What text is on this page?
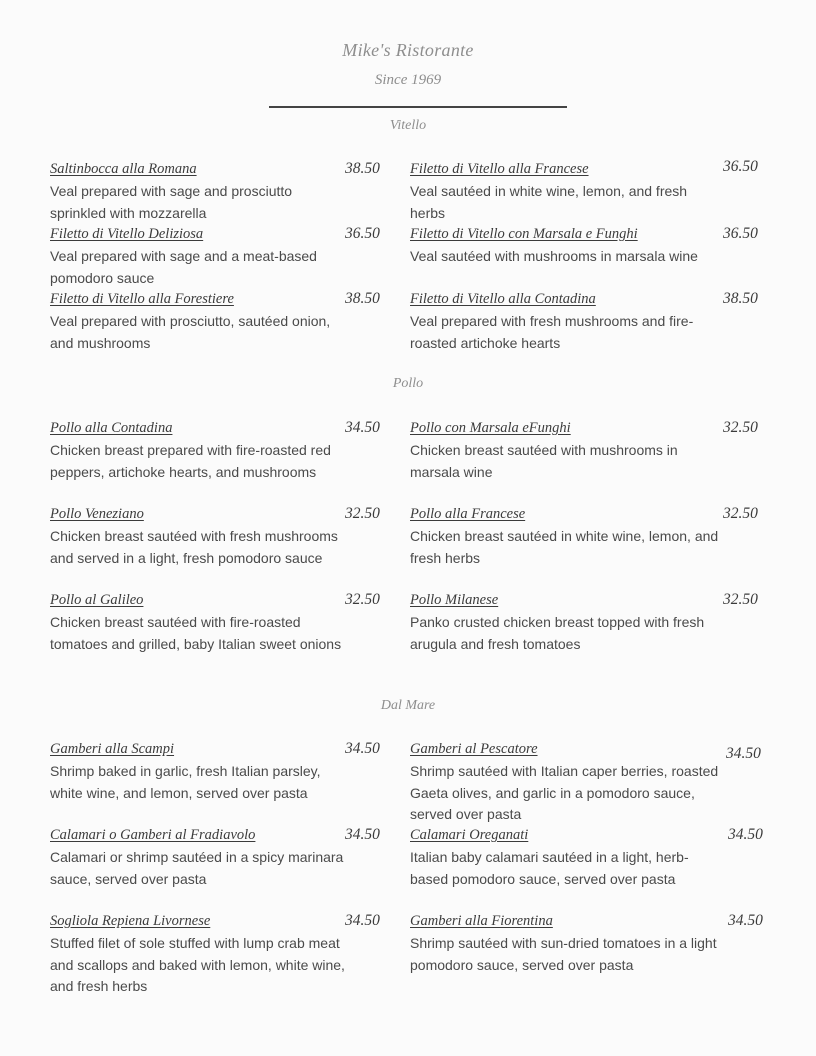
Mike's Ristorante
Since 1969
Vitello
Saltinbocca alla Romana	38.50
Veal prepared with sage and prosciutto sprinkled with mozzarella
Filetto di Vitello alla Francese	36.50
Veal sautéed in white wine, lemon, and fresh herbs
Filetto di Vitello Deliziosa	36.50
Veal prepared with sage and a meat-based pomodoro sauce
Filetto di Vitello con Marsala e Funghi	36.50
Veal sautéed with mushrooms in marsala wine
Filetto di Vitello alla Forestiere	38.50
Veal prepared with prosciutto, sautéed onion, and mushrooms
Filetto di Vitello alla Contadina	38.50
Veal prepared with fresh mushrooms and fire-roasted artichoke hearts
Pollo
Pollo alla Contadina	34.50
Chicken breast prepared with fire-roasted red peppers, artichoke hearts, and mushrooms
Pollo con Marsala eFunghi	32.50
Chicken breast sautéed with mushrooms in marsala wine
Pollo Veneziano	32.50
Chicken breast sautéed with fresh mushrooms and served in a light, fresh pomodoro sauce
Pollo alla Francese	32.50
Chicken breast sautéed in white wine, lemon, and fresh herbs
Pollo al Galileo	32.50
Chicken breast sautéed with fire-roasted tomatoes and grilled, baby Italian sweet onions
Pollo Milanese	32.50
Panko crusted chicken breast topped with fresh arugula and fresh tomatoes
Dal Mare
Gamberi alla Scampi	34.50
Shrimp baked in garlic, fresh Italian parsley, white wine, and lemon, served over pasta
Gamberi al Pescatore	34.50
Shrimp sautéed with Italian caper berries, roasted Gaeta olives, and garlic in a pomodoro sauce, served over pasta
Calamari o Gamberi al Fradiavolo	34.50
Calamari or shrimp sautéed in a spicy marinara sauce, served over pasta
Calamari Oreganati	34.50
Italian baby calamari sautéed in a light, herb-based pomodoro sauce, served over pasta
Sogliola Repiena Livornese	34.50
Stuffed filet of sole stuffed with lump crab meat and scallops and baked with lemon, white wine, and fresh herbs
Gamberi alla Fiorentina	34.50
Shrimp sautéed with sun-dried tomatoes in a light pomodoro sauce, served over pasta
